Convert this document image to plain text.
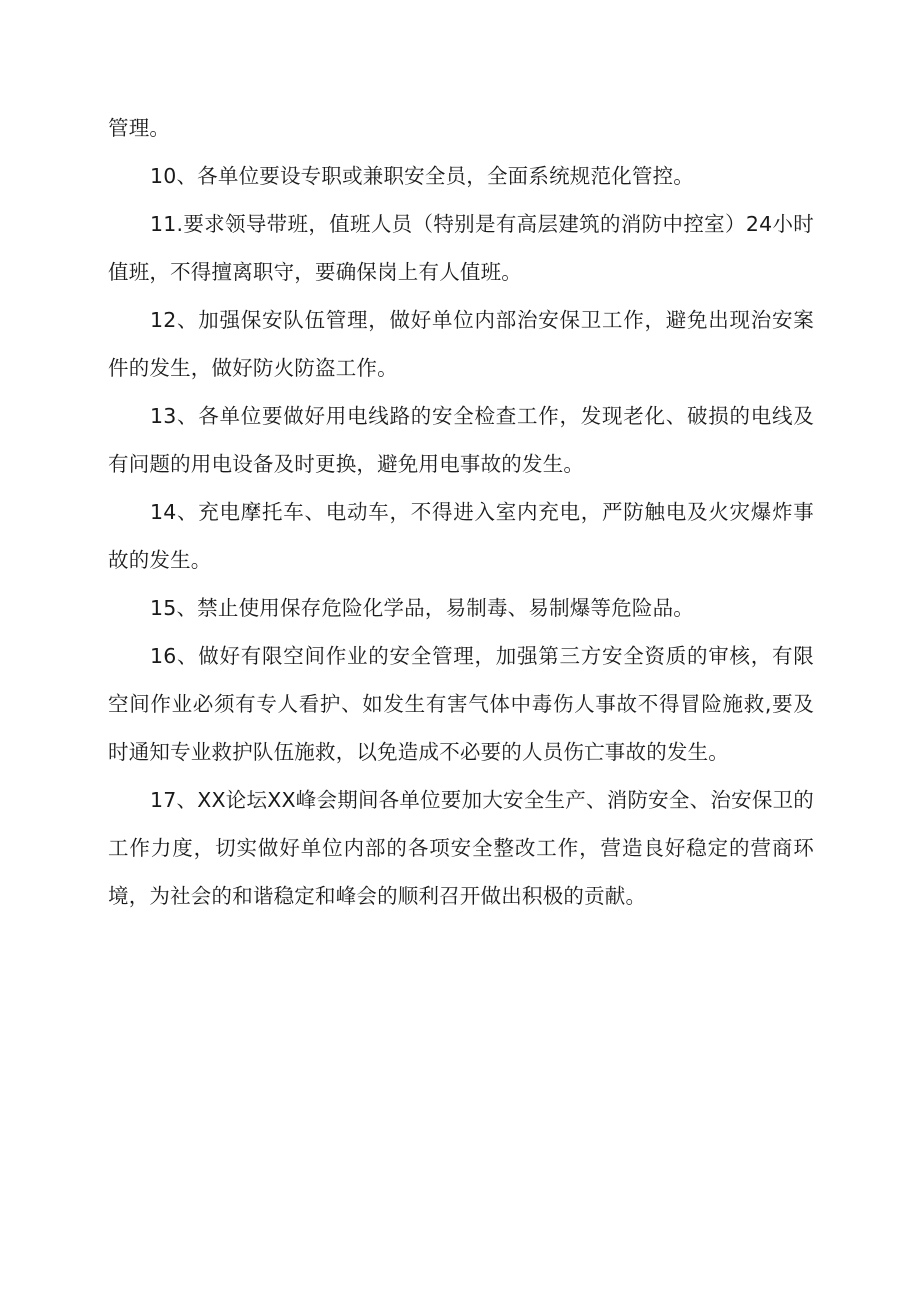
管理。

10、各单位要设专职或兼职安全员，全面系统规范化管控。

11.要求领导带班，值班人员（特别是有高层建筑的消防中控室）24小时值班，不得擅离职守，要确保岗上有人值班。

12、加强保安队伍管理，做好单位内部治安保卫工作，避免出现治安案件的发生，做好防火防盗工作。

13、各单位要做好用电线路的安全检查工作，发现老化、破损的电线及有问题的用电设备及时更换，避免用电事故的发生。

14、充电摩托车、电动车，不得进入室内充电，严防触电及火灾爆炸事故的发生。

15、禁止使用保存危险化学品，易制毒、易制爆等危险品。

16、做好有限空间作业的安全管理，加强第三方安全资质的审核，有限空间作业必须有专人看护、如发生有害气体中毒伤人事故不得冒险施救,要及时通知专业救护队伍施救，以免造成不必要的人员伤亡事故的发生。

17、XX论坛XX峰会期间各单位要加大安全生产、消防安全、治安保卫的工作力度，切实做好单位内部的各项安全整改工作，营造良好稳定的营商环境，为社会的和谐稳定和峰会的顺利召开做出积极的贡献。
